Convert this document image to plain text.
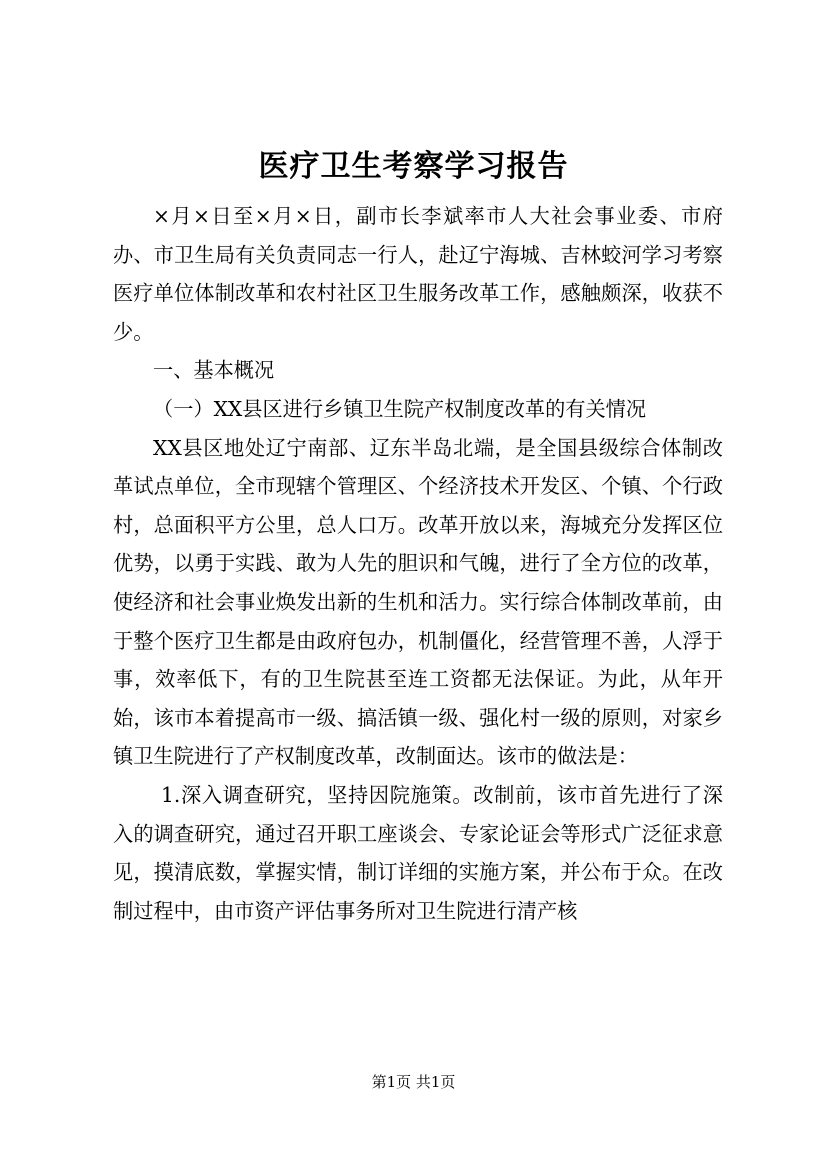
医疗卫生考察学习报告

×月×日至×月×日，副市长李斌率市人大社会事业委、市府办、市卫生局有关负责同志一行人，赴辽宁海城、吉林蛟河学习考察医疗单位体制改革和农村社区卫生服务改革工作，感触颇深，收获不少。

一、基本概况

（一）XX县区进行乡镇卫生院产权制度改革的有关情况

XX县区地处辽宁南部、辽东半岛北端，是全国县级综合体制改革试点单位，全市现辖个管理区、个经济技术开发区、个镇、个行政村，总面积平方公里，总人口万。改革开放以来，海城充分发挥区位优势，以勇于实践、敢为人先的胆识和气魄，进行了全方位的改革，使经济和社会事业焕发出新的生机和活力。实行综合体制改革前，由于整个医疗卫生都是由政府包办，机制僵化，经营管理不善，人浮于事，效率低下，有的卫生院甚至连工资都无法保证。为此，从年开始，该市本着提高市一级、搞活镇一级、强化村一级的原则，对家乡镇卫生院进行了产权制度改革，改制面达。该市的做法是：

1.深入调查研究，坚持因院施策。改制前，该市首先进行了深入的调查研究，通过召开职工座谈会、专家论证会等形式广泛征求意见，摸清底数，掌握实情，制订详细的实施方案，并公布于众。在改制过程中，由市资产评估事务所对卫生院进行清产核

第1页 共1页
